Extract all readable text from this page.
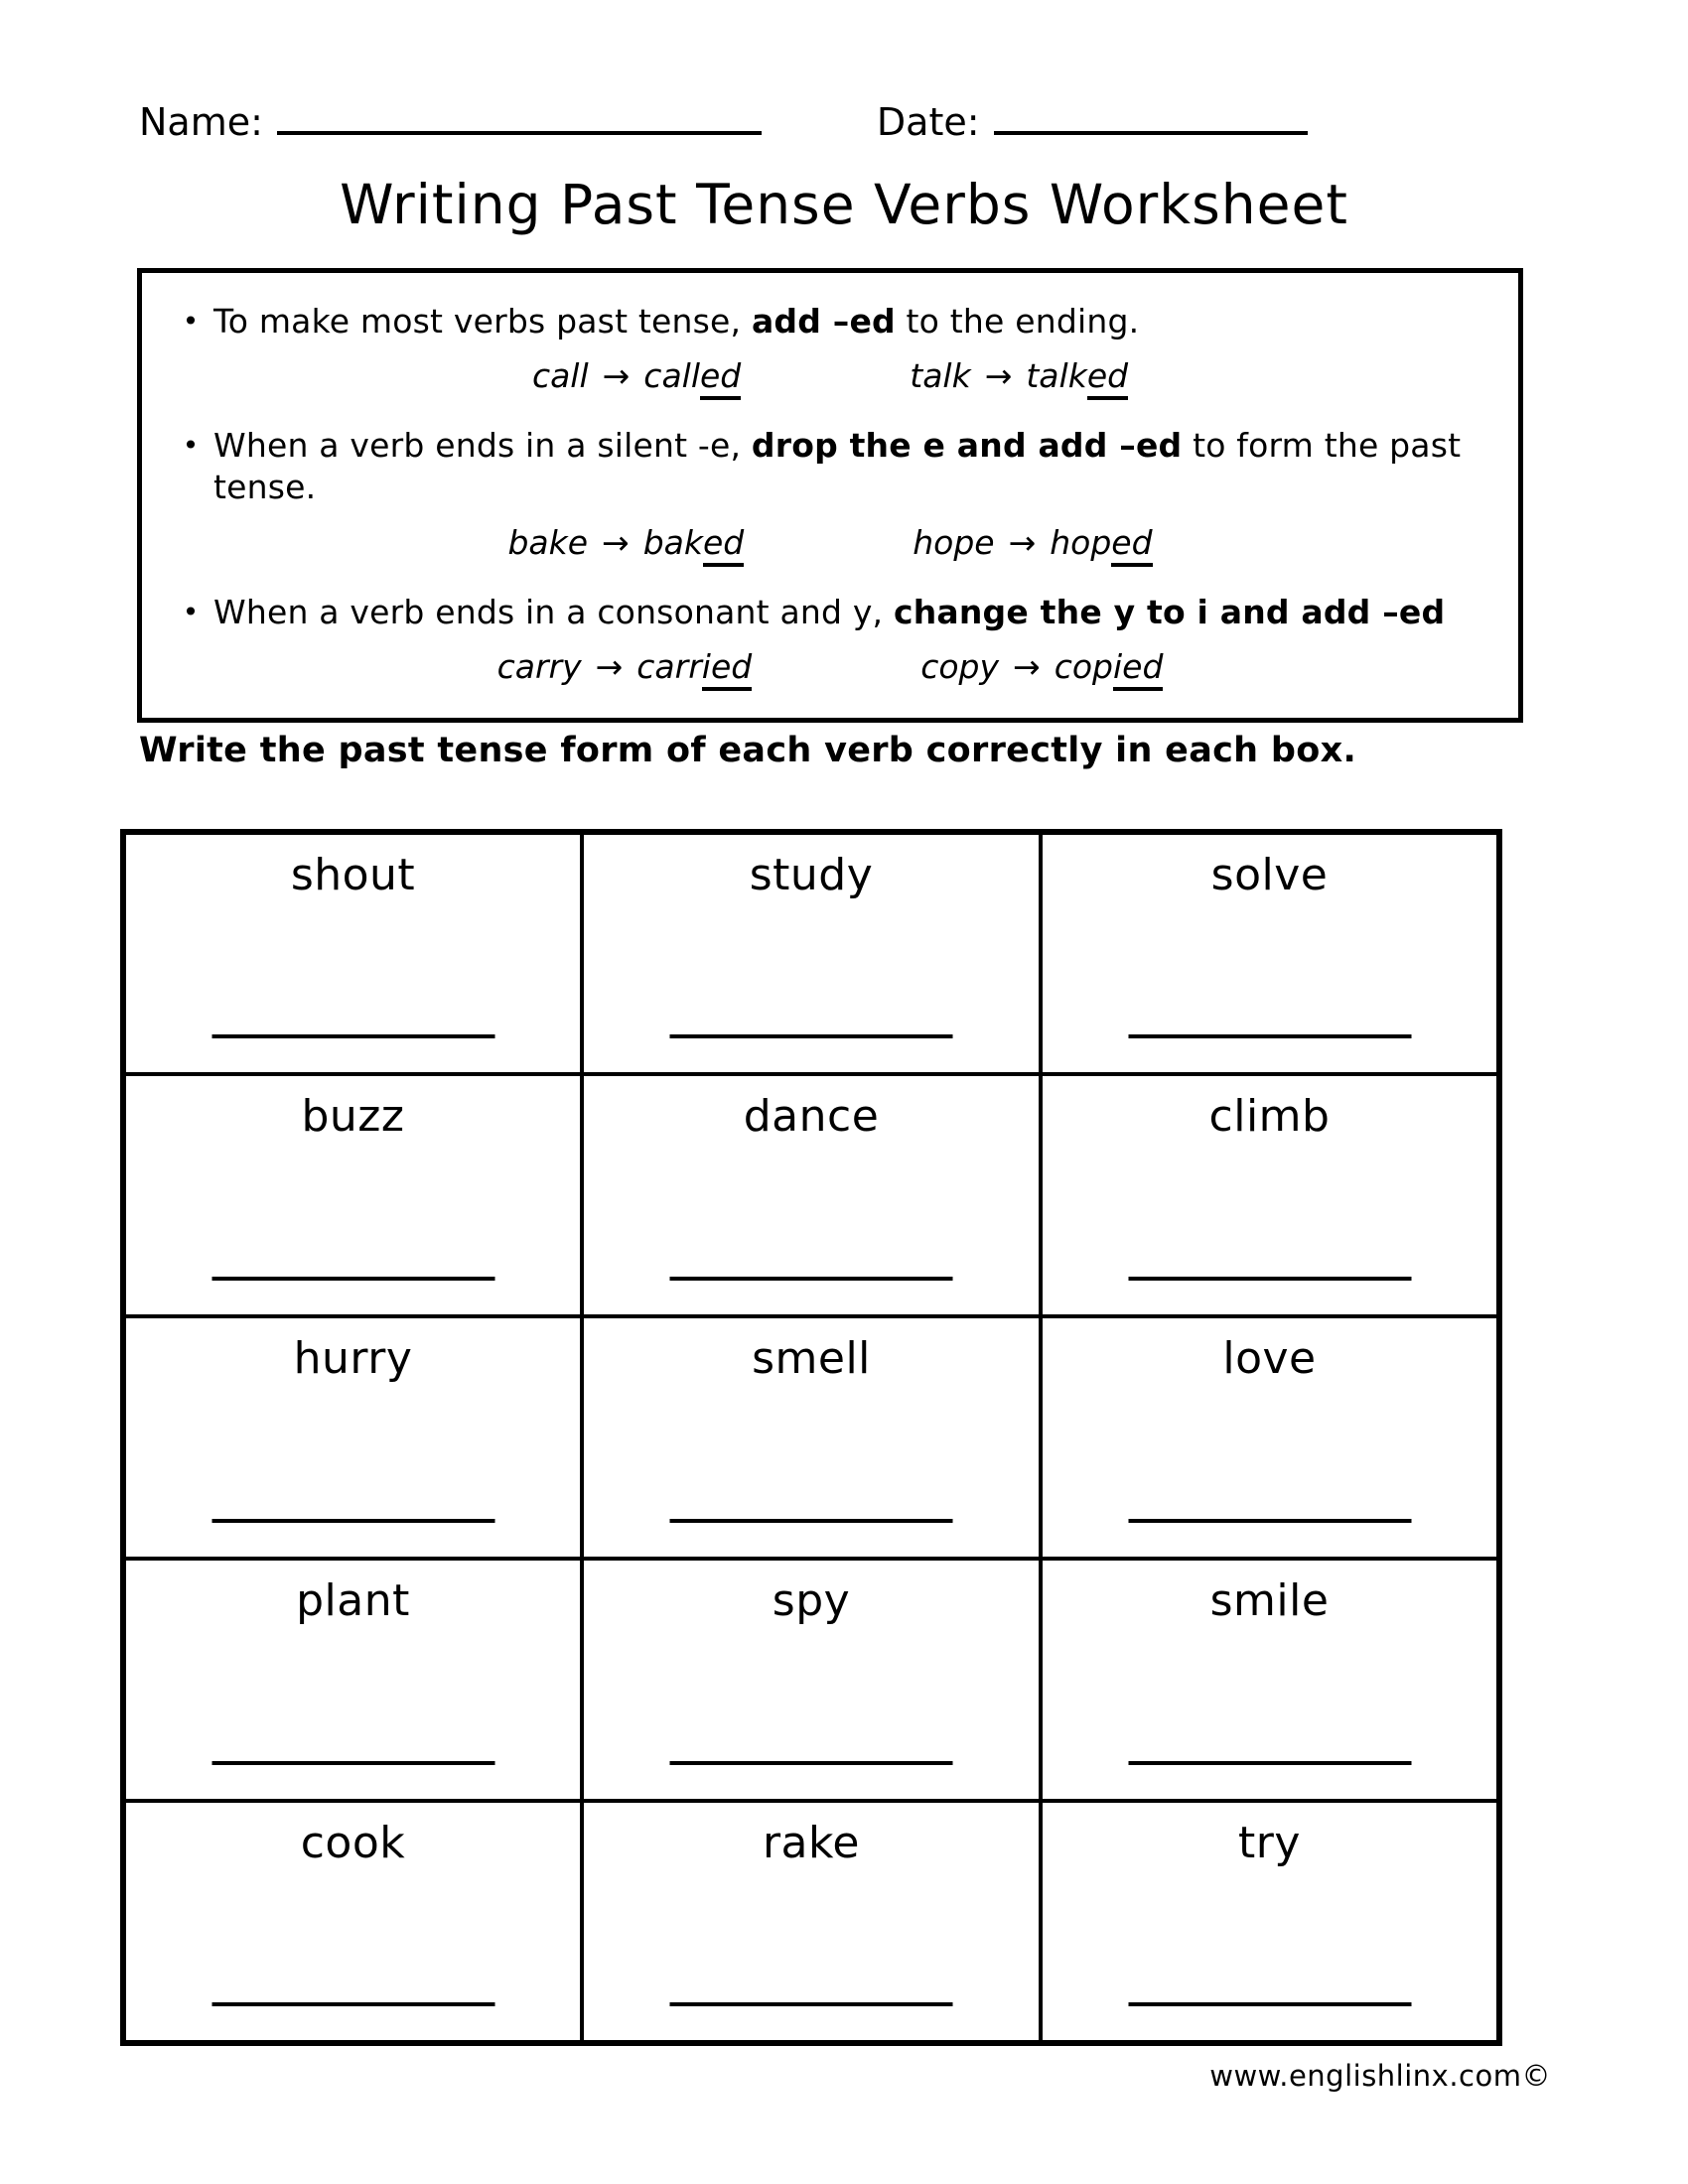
Name:	Date:
Writing Past Tense Verbs Worksheet
• To make most verbs past tense, add –ed to the ending.
call → called	talk → talked
• When a verb ends in a silent -e, drop the e and add –ed to form the past tense.
bake → baked	hope → hoped
• When a verb ends in a consonant and y, change the y to i and add –ed
carry → carried	copy → copied
Write the past tense form of each verb correctly in each box.
shout	study	solve

buzz	dance	climb

hurry	smell	love

plant	spy	smile

cook	rake	try
www.englishlinx.com©
